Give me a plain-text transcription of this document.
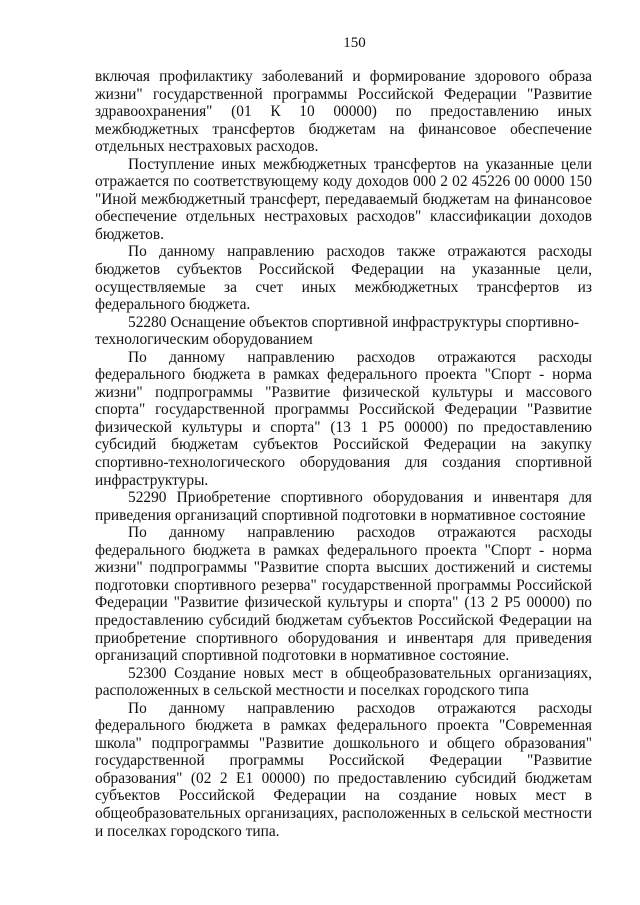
150

включая профилактику заболеваний и формирование здорового образа жизни" государственной программы Российской Федерации "Развитие здравоохранения" (01 К 10 00000) по предоставлению иных межбюджетных трансфертов бюджетам на финансовое обеспечение отдельных нестраховых расходов.

Поступление иных межбюджетных трансфертов на указанные цели отражается по соответствующему коду доходов 000 2 02 45226 00 0000 150 "Иной межбюджетный трансферт, передаваемый бюджетам на финансовое обеспечение отдельных нестраховых расходов" классификации доходов бюджетов.

По данному направлению расходов также отражаются расходы бюджетов субъектов Российской Федерации на указанные цели, осуществляемые за счет иных межбюджетных трансфертов из федерального бюджета.

52280 Оснащение объектов спортивной инфраструктуры спортивно-технологическим оборудованием

По данному направлению расходов отражаются расходы федерального бюджета в рамках федерального проекта "Спорт - норма жизни" подпрограммы "Развитие физической культуры и массового спорта" государственной программы Российской Федерации "Развитие физической культуры и спорта" (13 1 Р5 00000) по предоставлению субсидий бюджетам субъектов Российской Федерации на закупку спортивно-технологического оборудования для создания спортивной инфраструктуры.

52290 Приобретение спортивного оборудования и инвентаря для приведения организаций спортивной подготовки в нормативное состояние

По данному направлению расходов отражаются расходы федерального бюджета в рамках федерального проекта "Спорт - норма жизни" подпрограммы "Развитие спорта высших достижений и системы подготовки спортивного резерва" государственной программы Российской Федерации "Развитие физической культуры и спорта" (13 2 Р5 00000) по предоставлению субсидий бюджетам субъектов Российской Федерации на приобретение спортивного оборудования и инвентаря для приведения организаций спортивной подготовки в нормативное состояние.

52300 Создание новых мест в общеобразовательных организациях, расположенных в сельской местности и поселках городского типа

По данному направлению расходов отражаются расходы федерального бюджета в рамках федерального проекта "Современная школа" подпрограммы "Развитие дошкольного и общего образования" государственной программы Российской Федерации "Развитие образования" (02 2 Е1 00000) по предоставлению субсидий бюджетам субъектов Российской Федерации на создание новых мест в общеобразовательных организациях, расположенных в сельской местности и поселках городского типа.
